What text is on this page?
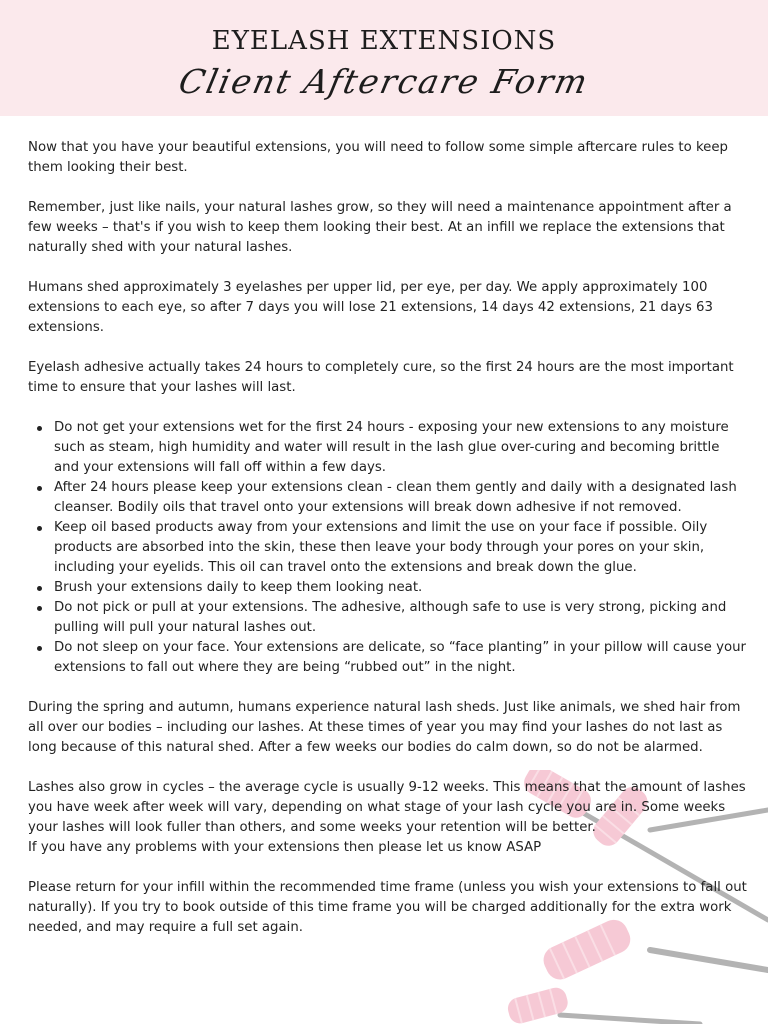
EYELASH EXTENSIONS
Client Aftercare Form

Now that you have your beautiful extensions, you will need to follow some simple aftercare rules to keep them looking their best.

Remember, just like nails, your natural lashes grow, so they will need a maintenance appointment after a few weeks – that's if you wish to keep them looking their best. At an infill we replace the extensions that naturally shed with your natural lashes.

Humans shed approximately 3 eyelashes per upper lid, per eye, per day. We apply approximately 100 extensions to each eye, so after 7 days you will lose 21 extensions, 14 days 42 extensions, 21 days 63 extensions.

Eyelash adhesive actually takes 24 hours to completely cure, so the first 24 hours are the most important time to ensure that your lashes will last.

Do not get your extensions wet for the first 24 hours - exposing your new extensions to any moisture such as steam, high humidity and water will result in the lash glue over-curing and becoming brittle and your extensions will fall off within a few days.
After 24 hours please keep your extensions clean - clean them gently and daily with a designated lash cleanser. Bodily oils that travel onto your extensions will break down adhesive if not removed.
Keep oil based products away from your extensions and limit the use on your face if possible. Oily products are absorbed into the skin, these then leave your body through your pores on your skin, including your eyelids. This oil can travel onto the extensions and break down the glue.
Brush your extensions daily to keep them looking neat.
Do not pick or pull at your extensions. The adhesive, although safe to use is very strong, picking and pulling will pull your natural lashes out.
Do not sleep on your face. Your extensions are delicate, so “face planting” in your pillow will cause your extensions to fall out where they are being “rubbed out” in the night.

During the spring and autumn, humans experience natural lash sheds. Just like animals, we shed hair from all over our bodies – including our lashes. At these times of year you may find your lashes do not last as long because of this natural shed. After a few weeks our bodies do calm down, so do not be alarmed.

Lashes also grow in cycles – the average cycle is usually 9-12 weeks. This means that the amount of lashes you have week after week will vary, depending on what stage of your lash cycle you are in. Some weeks your lashes will look fuller than others, and some weeks your retention will be better.

If you have any problems with your extensions then please let us know ASAP

Please return for your infill within the recommended time frame (unless you wish your extensions to fall out naturally). If you try to book outside of this time frame you will be charged additionally for the extra work needed, and may require a full set again.
